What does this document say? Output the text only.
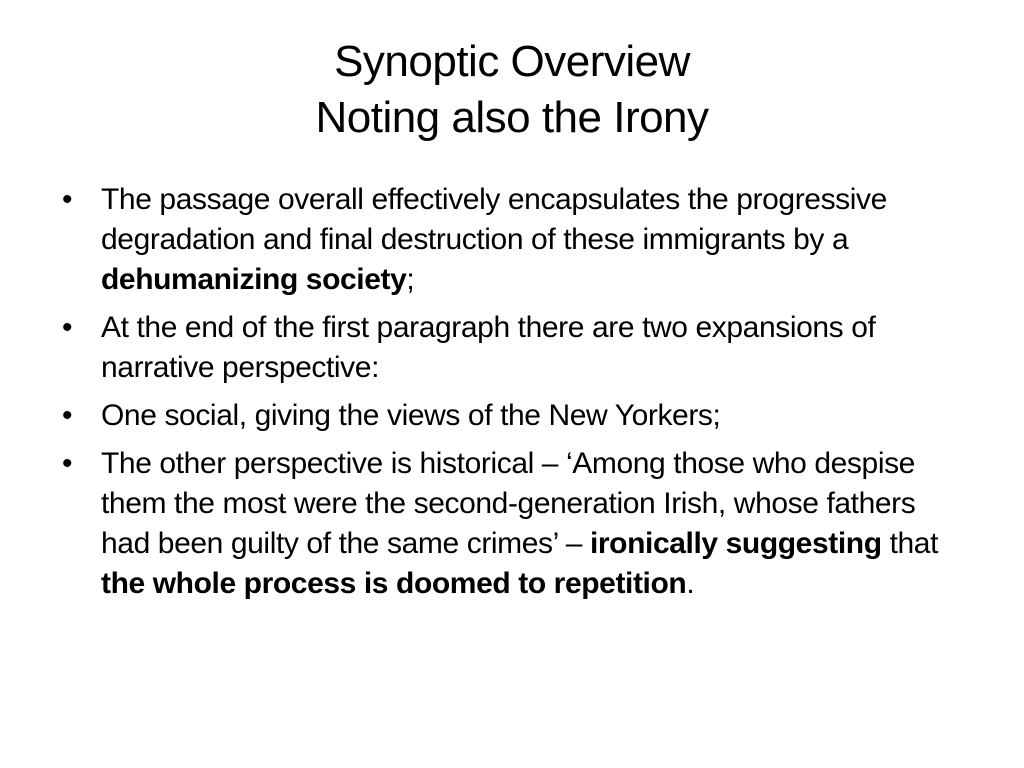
Synoptic Overview
Noting also the Irony
• The passage overall effectively encapsulates the progressive degradation and final destruction of these immigrants by a dehumanizing society;
• At the end of the first paragraph there are two expansions of narrative perspective:
• One social, giving the views of the New Yorkers;
• The other perspective is historical – ‘Among those who despise them the most were the second-generation Irish, whose fathers had been guilty of the same crimes’ – ironically suggesting that
the whole process is doomed to repetition.
